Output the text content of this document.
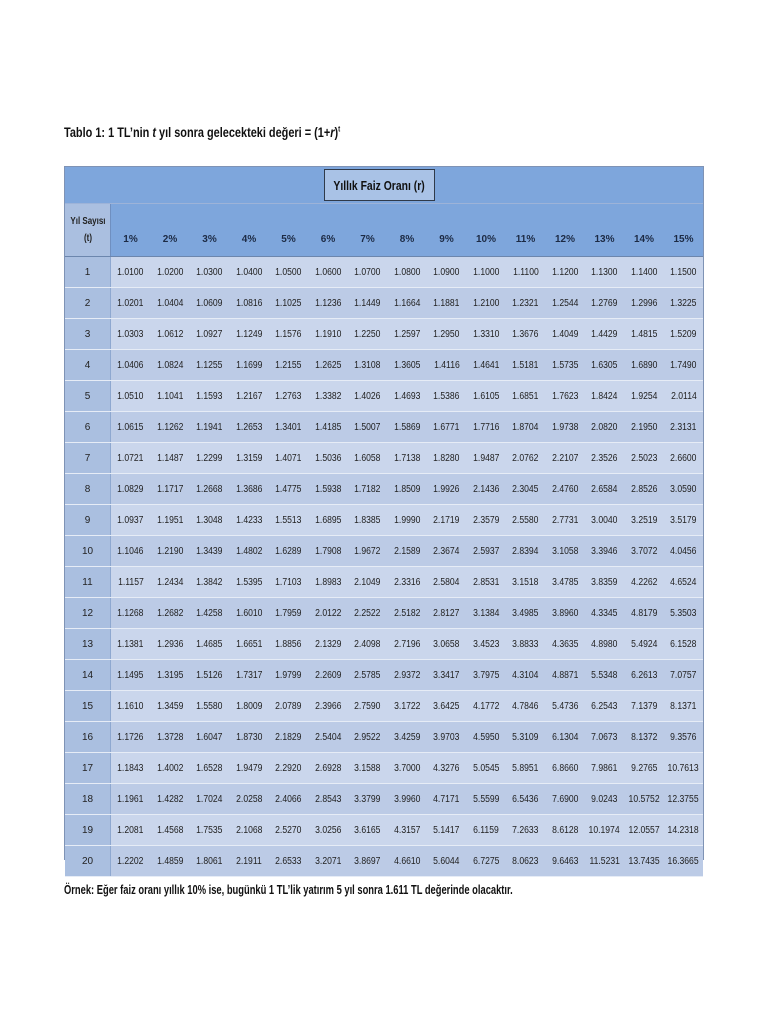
Tablo 1: 1 TL’nin t yıl sonra gelecekteki değeri = $(1+r)^t$
Yıllık Faiz Oranı (r)
Yıl Sayısı
(t)	1%	2%	3%	4%	5%	6%	7%	8%	9%	10%	11%	12%	13%	14%	15%
1	1.0100 1.0200 1.0300 1.0400 1.0500 1.0600 1.0700 1.0800 1.0900 1.1000 1.1100 1.1200 1.1300 1.1400 1.1500
2	1.0201 1.0404 1.0609 1.0816 1.1025 1.1236 1.1449 1.1664 1.1881 1.2100 1.2321 1.2544 1.2769 1.2996 1.3225
3	1.0303 1.0612 1.0927 1.1249 1.1576 1.1910 1.2250 1.2597 1.2950 1.3310 1.3676 1.4049 1.4429 1.4815 1.5209
4	1.0406 1.0824 1.1255 1.1699 1.2155 1.2625 1.3108 1.3605 1.4116 1.4641 1.5181 1.5735 1.6305 1.6890 1.7490
5	1.0510 1.1041 1.1593 1.2167 1.2763 1.3382 1.4026 1.4693 1.5386 1.6105 1.6851 1.7623 1.8424 1.9254 2.0114
6	1.0615 1.1262 1.1941 1.2653 1.3401 1.4185 1.5007 1.5869 1.6771 1.7716 1.8704 1.9738 2.0820 2.1950 2.3131
7	1.0721 1.1487 1.2299 1.3159 1.4071 1.5036 1.6058 1.7138 1.8280 1.9487 2.0762 2.2107 2.3526 2.5023 2.6600
8	1.0829 1.1717 1.2668 1.3686 1.4775 1.5938 1.7182 1.8509 1.9926 2.1436 2.3045 2.4760 2.6584 2.8526 3.0590
9	1.0937 1.1951 1.3048 1.4233 1.5513 1.6895 1.8385 1.9990 2.1719 2.3579 2.5580 2.7731 3.0040 3.2519 3.5179
10	1.1046 1.2190 1.3439 1.4802 1.6289 1.7908 1.9672 2.1589 2.3674 2.5937 2.8394 3.1058 3.3946 3.7072 4.0456
11	1.1157 1.2434 1.3842 1.5395 1.7103 1.8983 2.1049 2.3316 2.5804 2.8531 3.1518 3.4785 3.8359 4.2262 4.6524
12	1.1268 1.2682 1.4258 1.6010 1.7959 2.0122 2.2522 2.5182 2.8127 3.1384 3.4985 3.8960 4.3345 4.8179 5.3503
13	1.1381 1.2936 1.4685 1.6651 1.8856 2.1329 2.4098 2.7196 3.0658 3.4523 3.8833 4.3635 4.8980 5.4924 6.1528
14	1.1495 1.3195 1.5126 1.7317 1.9799 2.2609 2.5785 2.9372 3.3417 3.7975 4.3104 4.8871 5.5348 6.2613 7.0757
15	1.1610 1.3459 1.5580 1.8009 2.0789 2.3966 2.7590 3.1722 3.6425 4.1772 4.7846 5.4736 6.2543 7.1379 8.1371
16	1.1726 1.3728 1.6047 1.8730 2.1829 2.5404 2.9522 3.4259 3.9703 4.5950 5.3109 6.1304 7.0673 8.1372 9.3576
17	1.1843 1.4002 1.6528 1.9479 2.2920 2.6928 3.1588 3.7000 4.3276 5.0545 5.8951 6.8660 7.9861 9.2765 10.7613
18	1.1961 1.4282 1.7024 2.0258 2.4066 2.8543 3.3799 3.9960 4.7171 5.5599 6.5436 7.6900 9.0243 10.5752 12.3755
19	1.2081 1.4568 1.7535 2.1068 2.5270 3.0256 3.6165 4.3157 5.1417 6.1159 7.2633 8.6128 10.1974 12.0557 14.2318
20	1.2202 1.4859 1.8061 2.1911 2.6533 3.2071 3.8697 4.6610 5.6044 6.7275 8.0623 9.6463 11.5231 13.7435 16.3665
Örnek: Eğer faiz oranı yıllık 10% ise, bugünkü 1 TL’lik yatırım 5 yıl sonra 1.611 TL değerinde olacaktır.
